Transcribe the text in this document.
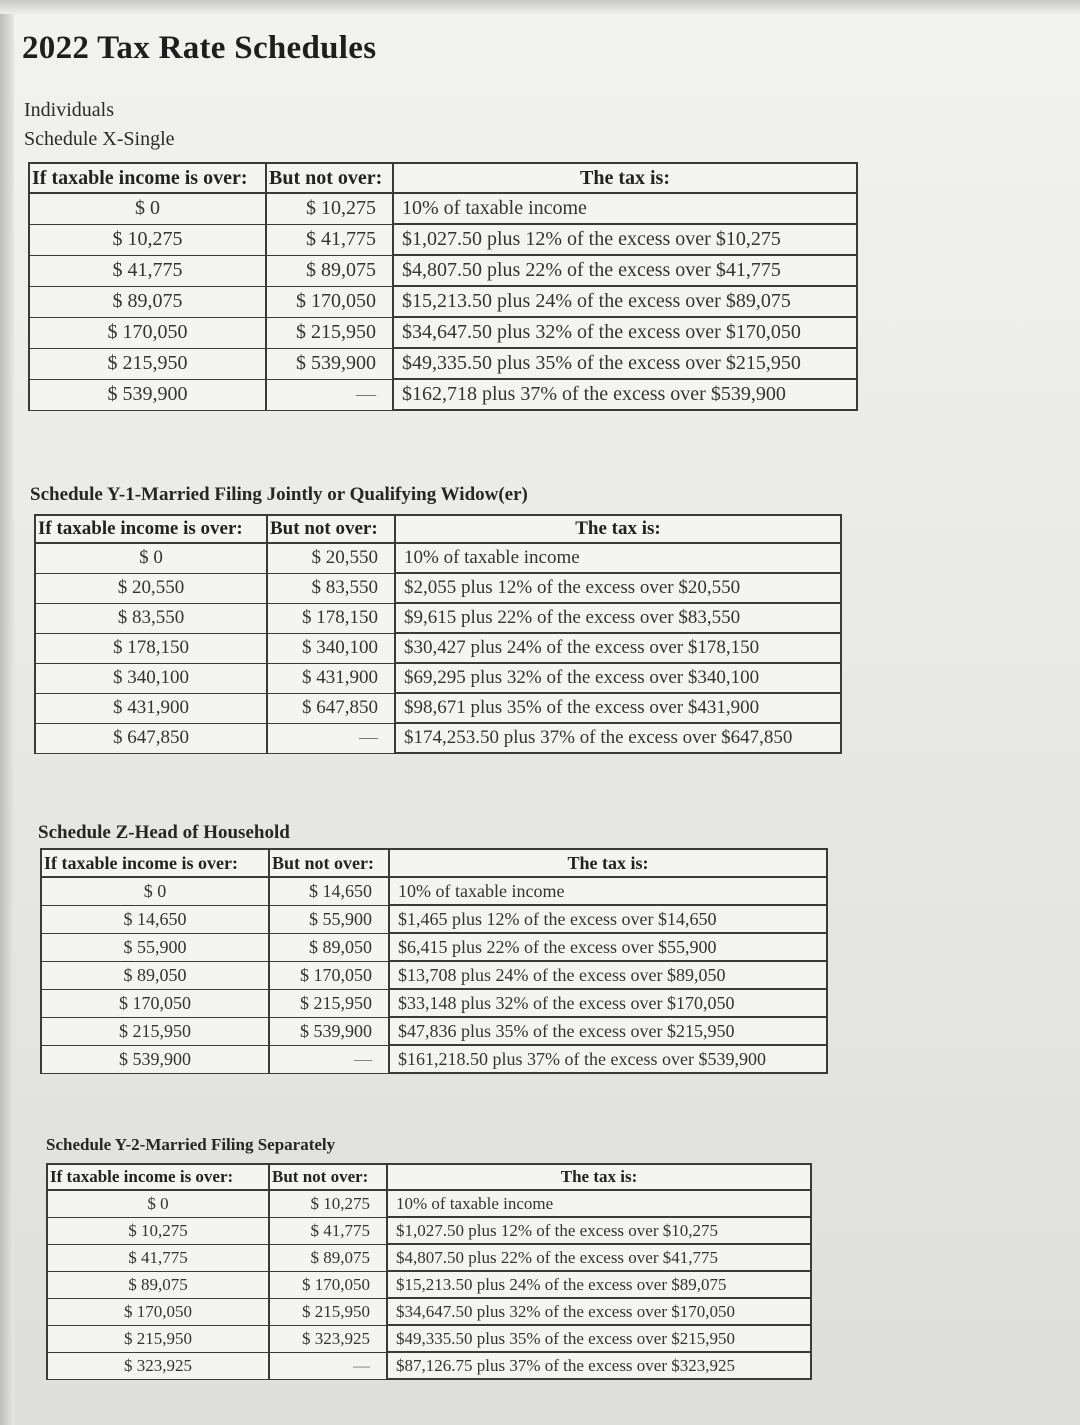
2022 Tax Rate Schedules
Individuals
Schedule X-Single
If taxable income is over:	But not over:	The tax is:
$ 0	$ 10,275	10% of taxable income
$ 10,275	$ 41,775	$1,027.50 plus 12% of the excess over $10,275
$ 41,775	$ 89,075	$4,807.50 plus 22% of the excess over $41,775
$ 89,075	$ 170,050	$15,213.50 plus 24% of the excess over $89,075
$ 170,050	$ 215,950	$34,647.50 plus 32% of the excess over $170,050
$ 215,950	$ 539,900	$49,335.50 plus 35% of the excess over $215,950
$ 539,900	—	$162,718 plus 37% of the excess over $539,900
Schedule Y-1-Married Filing Jointly or Qualifying Widow(er)
If taxable income is over:	But not over:	The tax is:
$ 0	$ 20,550	10% of taxable income
$ 20,550	$ 83,550	$2,055 plus 12% of the excess over $20,550
$ 83,550	$ 178,150	$9,615 plus 22% of the excess over $83,550
$ 178,150	$ 340,100	$30,427 plus 24% of the excess over $178,150
$ 340,100	$ 431,900	$69,295 plus 32% of the excess over $340,100
$ 431,900	$ 647,850	$98,671 plus 35% of the excess over $431,900
$ 647,850	—	$174,253.50 plus 37% of the excess over $647,850
Schedule Z-Head of Household
If taxable income is over:	But not over:	The tax is:
$ 0	$ 14,650	10% of taxable income
$ 14,650	$ 55,900	$1,465 plus 12% of the excess over $14,650
$ 55,900	$ 89,050	$6,415 plus 22% of the excess over $55,900
$ 89,050	$ 170,050	$13,708 plus 24% of the excess over $89,050
$ 170,050	$ 215,950	$33,148 plus 32% of the excess over $170,050
$ 215,950	$ 539,900	$47,836 plus 35% of the excess over $215,950
$ 539,900	—	$161,218.50 plus 37% of the excess over $539,900
Schedule Y-2-Married Filing Separately
If taxable income is over:	But not over:	The tax is:
$ 0	$ 10,275	10% of taxable income
$ 10,275	$ 41,775	$1,027.50 plus 12% of the excess over $10,275
$ 41,775	$ 89,075	$4,807.50 plus 22% of the excess over $41,775
$ 89,075	$ 170,050	$15,213.50 plus 24% of the excess over $89,075
$ 170,050	$ 215,950	$34,647.50 plus 32% of the excess over $170,050
$ 215,950	$ 323,925	$49,335.50 plus 35% of the excess over $215,950
$ 323,925	—	$87,126.75 plus 37% of the excess over $323,925
